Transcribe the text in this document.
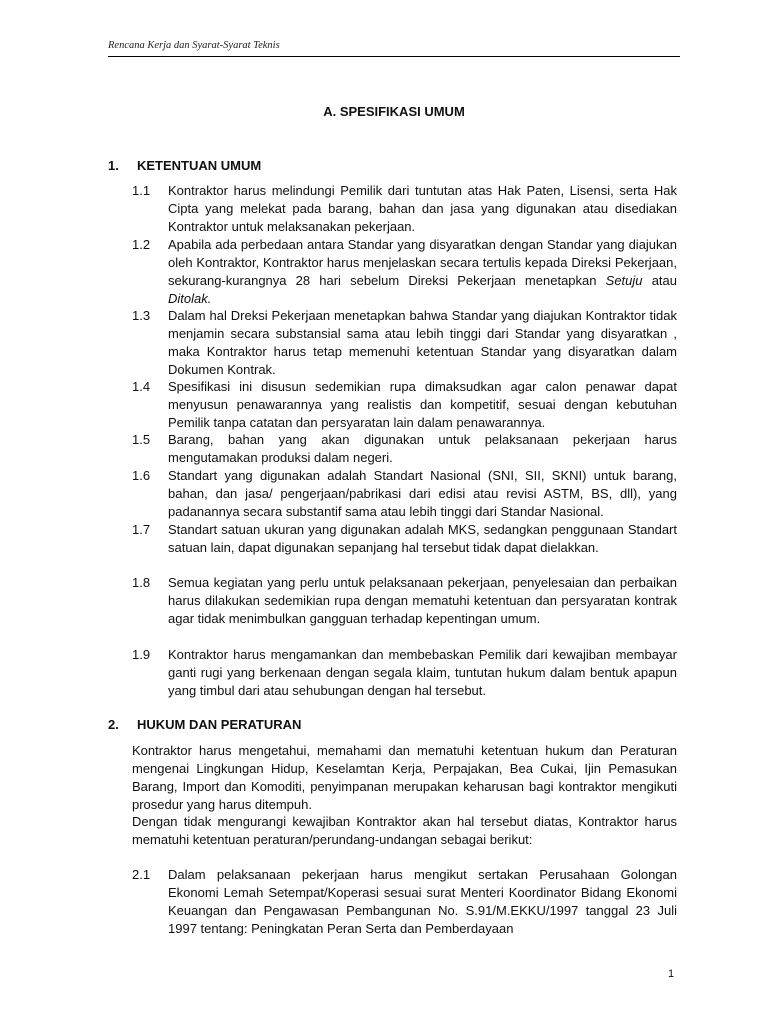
Rencana Kerja dan Syarat-Syarat Teknis
A. SPESIFIKASI UMUM
1. KETENTUAN UMUM
1.1 Kontraktor harus melindungi Pemilik dari tuntutan atas Hak Paten, Lisensi, serta Hak Cipta yang melekat pada barang, bahan dan jasa yang digunakan atau disediakan Kontraktor untuk melaksanakan pekerjaan.
1.2 Apabila ada perbedaan antara Standar yang disyaratkan dengan Standar yang diajukan oleh Kontraktor, Kontraktor harus menjelaskan secara tertulis kepada Direksi Pekerjaan, sekurang-kurangnya 28 hari sebelum Direksi Pekerjaan menetapkan Setuju atau Ditolak.
1.3 Dalam hal Dreksi Pekerjaan menetapkan bahwa Standar yang diajukan Kontraktor tidak menjamin secara substansial sama atau lebih tinggi dari Standar yang disyaratkan , maka Kontraktor harus tetap memenuhi ketentuan Standar yang disyaratkan dalam Dokumen Kontrak.
1.4 Spesifikasi ini disusun sedemikian rupa dimaksudkan agar calon penawar dapat menyusun penawarannya yang realistis dan kompetitif, sesuai dengan kebutuhan Pemilik tanpa catatan dan persyaratan lain dalam penawarannya.
1.5 Barang, bahan yang akan digunakan untuk pelaksanaan pekerjaan harus mengutamakan produksi dalam negeri.
1.6 Standart yang digunakan adalah Standart Nasional (SNI, SII, SKNI) untuk barang, bahan, dan jasa/ pengerjaan/pabrikasi dari edisi atau revisi ASTM, BS, dll), yang padanannya secara substantif sama atau lebih tinggi dari Standar Nasional.
1.7 Standart satuan ukuran yang digunakan adalah MKS, sedangkan penggunaan Standart satuan lain, dapat digunakan sepanjang hal tersebut tidak dapat dielakkan.
1.8 Semua kegiatan yang perlu untuk pelaksanaan pekerjaan, penyelesaian dan perbaikan harus dilakukan sedemikian rupa dengan mematuhi ketentuan dan persyaratan kontrak agar tidak menimbulkan gangguan terhadap kepentingan umum.
1.9 Kontraktor harus mengamankan dan membebaskan Pemilik dari kewajiban membayar ganti rugi yang berkenaan dengan segala klaim, tuntutan hukum dalam bentuk apapun yang timbul dari atau sehubungan dengan hal tersebut.
2. HUKUM DAN PERATURAN
Kontraktor harus mengetahui, memahami dan mematuhi ketentuan hukum dan Peraturan mengenai Lingkungan Hidup, Keselamtan Kerja, Perpajakan, Bea Cukai, Ijin Pemasukan Barang, Import dan Komoditi, penyimpanan merupakan keharusan bagi kontraktor mengikuti prosedur yang harus ditempuh.
Dengan tidak mengurangi kewajiban Kontraktor akan hal tersebut diatas, Kontraktor harus mematuhi ketentuan peraturan/perundang-undangan sebagai berikut:
2.1 Dalam pelaksanaan pekerjaan harus mengikut sertakan Perusahaan Golongan Ekonomi Lemah Setempat/Koperasi sesuai surat Menteri Koordinator Bidang Ekonomi Keuangan dan Pengawasan Pembangunan No. S.91/M.EKKU/1997 tanggal 23 Juli 1997 tentang: Peningkatan Peran Serta dan Pemberdayaan
1
